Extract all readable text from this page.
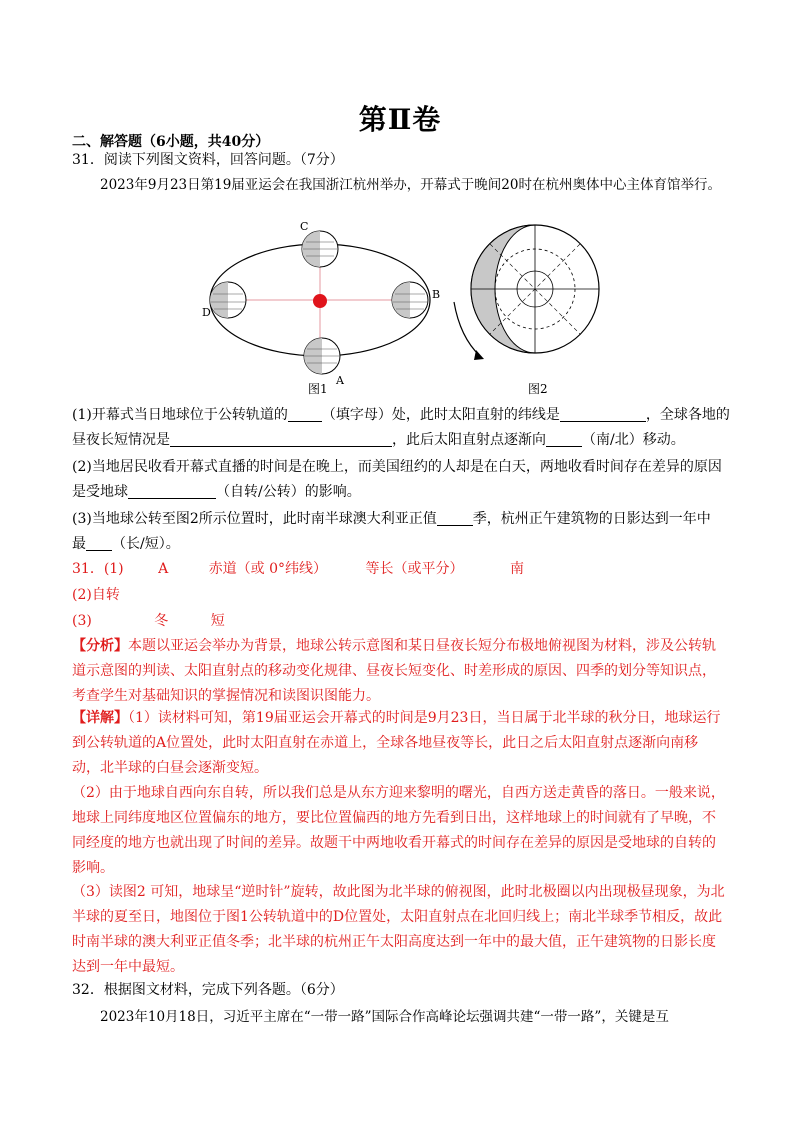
第Ⅱ卷
二、解答题（6小题，共40分）
31．阅读下列图文资料，回答问题。（7分）
2023年9月23日第19届亚运会在我国浙江杭州举办，开幕式于晚间20时在杭州奥体中心主体育馆举行。
C
B
A
D
图1	图2
(1)开幕式当日地球位于公转轨道的 （填字母）处，此时太阳直射的纬线是	，全球各地的
昼夜长短情况是	，此后太阳直射点逐渐向	（南/北）移动。
(2)当地居民收看开幕式直播的时间是在晚上，而美国纽约的人却是在白天，两地收看时间存在差异的原因
是受地球	（自转/公转）的影响。
(3)当地球公转至图2所示位置时，此时南半球澳大利亚正值	季，杭州正午建筑物的日影达到一年中
最 （长/短）。
31．(1) A	赤道（或 0°纬线）	等长（或平分）	南
(2)自转
(3)	冬	短
【分析】本题以亚运会举办为背景，地球公转示意图和某日昼夜长短分布极地俯视图为材料，涉及公转轨道示意图的判读、太阳直射点的移动变化规律、昼夜长短变化、时差形成的原因、四季的划分等知识点，考查学生对基础知识的掌握情况和读图识图能力。
【详解】（1）读材料可知，第19届亚运会开幕式的时间是9月23日，当日属于北半球的秋分日，地球运行到公转轨道的A位置处，此时太阳直射在赤道上，全球各地昼夜等长，此日之后太阳直射点逐渐向南移动，北半球的白昼会逐渐变短。
（2）由于地球自西向东自转，所以我们总是从东方迎来黎明的曙光，自西方送走黄昏的落日。一般来说，地球上同纬度地区位置偏东的地方，要比位置偏西的地方先看到日出，这样地球上的时间就有了早晚，不同经度的地方也就出现了时间的差异。故题干中两地收看开幕式的时间存在差异的原因是受地球的自转的影响。
（3）读图2 可知，地球呈“逆时针”旋转，故此图为北半球的俯视图，此时北极圈以内出现极昼现象，为北半球的夏至日，地图位于图1公转轨道中的D位置处，太阳直射点在北回归线上；南北半球季节相反，故此时南半球的澳大利亚正值冬季；北半球的杭州正午太阳高度达到一年中的最大值，正午建筑物的日影长度达到一年中最短。
32．根据图文材料，完成下列各题。（6分）
2023年10月18日，习近平主席在“一带一路”国际合作高峰论坛强调共建“一带一路”，关键是互
